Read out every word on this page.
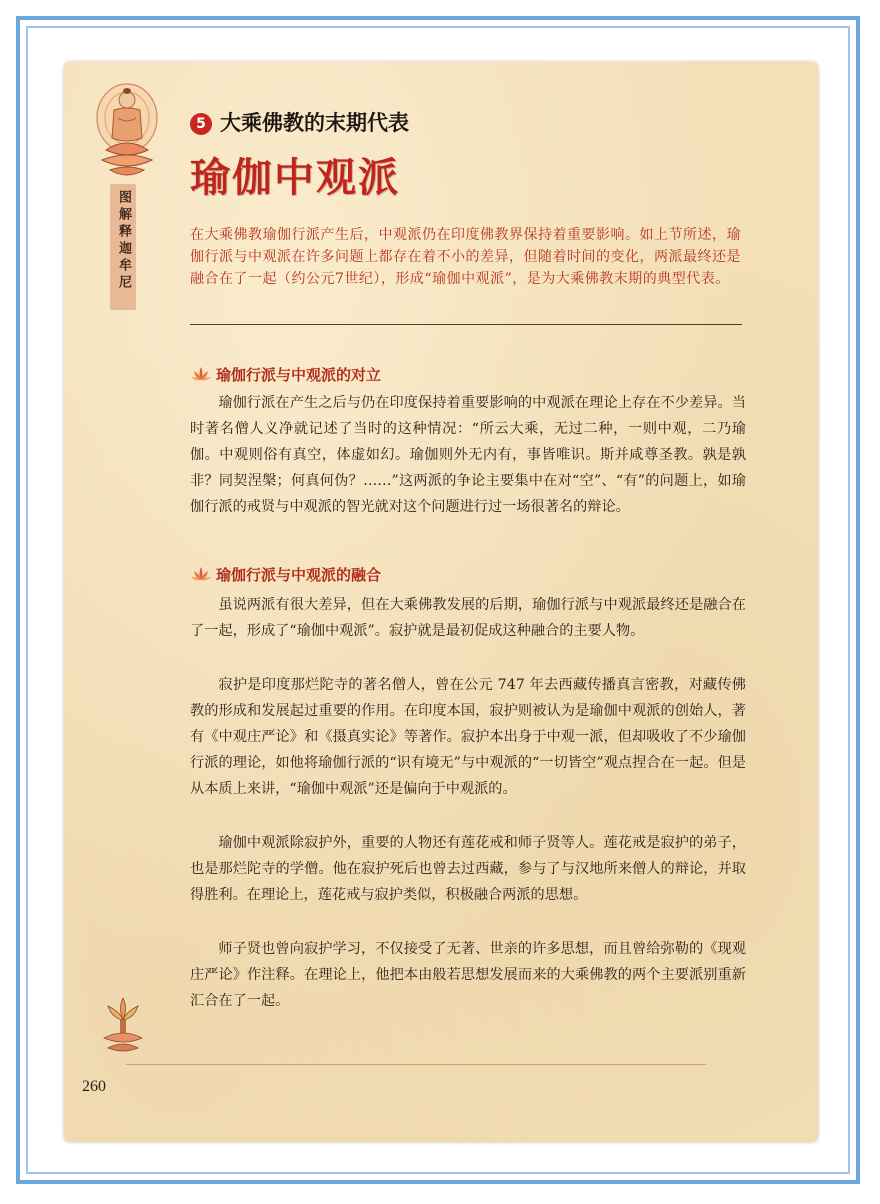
图解释迦牟尼
5 大乘佛教的末期代表
瑜伽中观派

在大乘佛教瑜伽行派产生后，中观派仍在印度佛教界保持着重要影响。如上节所述，瑜伽行派与中观派在许多问题上都存在着不小的差异，但随着时间的变化，两派最终还是融合在了一起（约公元7世纪），形成“瑜伽中观派”，是为大乘佛教末期的典型代表。

瑜伽行派与中观派的对立

瑜伽行派在产生之后与仍在印度保持着重要影响的中观派在理论上存在不少差异。当时著名僧人义净就记述了当时的这种情况：“所云大乘，无过二种，一则中观，二乃瑜伽。中观则俗有真空，体虚如幻。瑜伽则外无内有，事皆唯识。斯并咸尊圣教。孰是孰非？同契涅槃；何真何伪？……”这两派的争论主要集中在对“空”、“有”的问题上，如瑜伽行派的戒贤与中观派的智光就对这个问题进行过一场很著名的辩论。

瑜伽行派与中观派的融合

虽说两派有很大差异，但在大乘佛教发展的后期，瑜伽行派与中观派最终还是融合在了一起，形成了“瑜伽中观派”。寂护就是最初促成这种融合的主要人物。

寂护是印度那烂陀寺的著名僧人，曾在公元 747 年去西藏传播真言密教，对藏传佛教的形成和发展起过重要的作用。在印度本国，寂护则被认为是瑜伽中观派的创始人，著有《中观庄严论》和《摄真实论》等著作。寂护本出身于中观一派，但却吸收了不少瑜伽行派的理论，如他将瑜伽行派的“识有境无”与中观派的“一切皆空”观点捏合在一起。但是从本质上来讲，“瑜伽中观派”还是偏向于中观派的。

瑜伽中观派除寂护外，重要的人物还有莲花戒和师子贤等人。莲花戒是寂护的弟子，也是那烂陀寺的学僧。他在寂护死后也曾去过西藏，参与了与汉地所来僧人的辩论，并取得胜利。在理论上，莲花戒与寂护类似，积极融合两派的思想。

师子贤也曾向寂护学习，不仅接受了无著、世亲的许多思想，而且曾给弥勒的《现观庄严论》作注释。在理论上，他把本由般若思想发展而来的大乘佛教的两个主要派别重新汇合在了一起。

260
